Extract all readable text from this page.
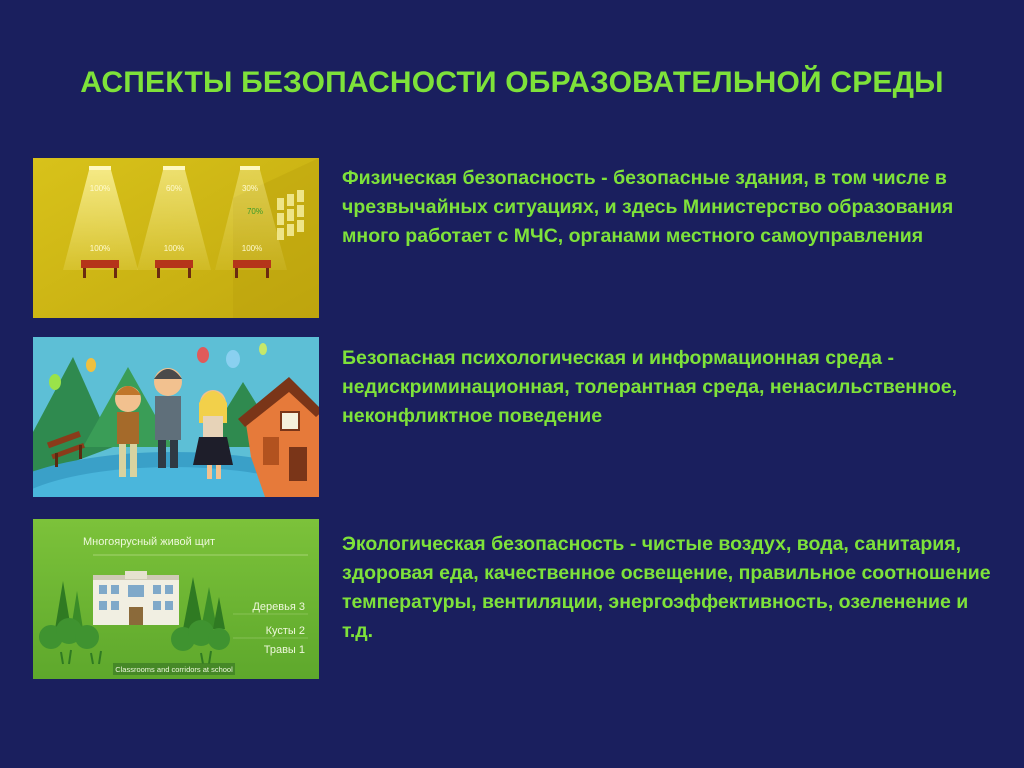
АСПЕКТЫ БЕЗОПАСНОСТИ ОБРАЗОВАТЕЛЬНОЙ СРЕДЫ
100%	60%	30%
70%
100%	100%	100%
Физическая безопасность - безопасные здания, в том числе в чрезвычайных ситуациях, и здесь Министерство образования много работает с МЧС, органами местного самоуправления
Безопасная психологическая и информационная среда - недискриминационная, толерантная среда, ненасильственное, неконфликтное поведение
Многоярусный живой щит
Деревья 3
Кусты 2
Травы 1
Classrooms and corridors at school
Экологическая безопасность - чистые воздух, вода, санитария, здоровая еда, качественное освещение, правильное соотношение температуры, вентиляции, энергоэффективность, озеленение и т.д.
